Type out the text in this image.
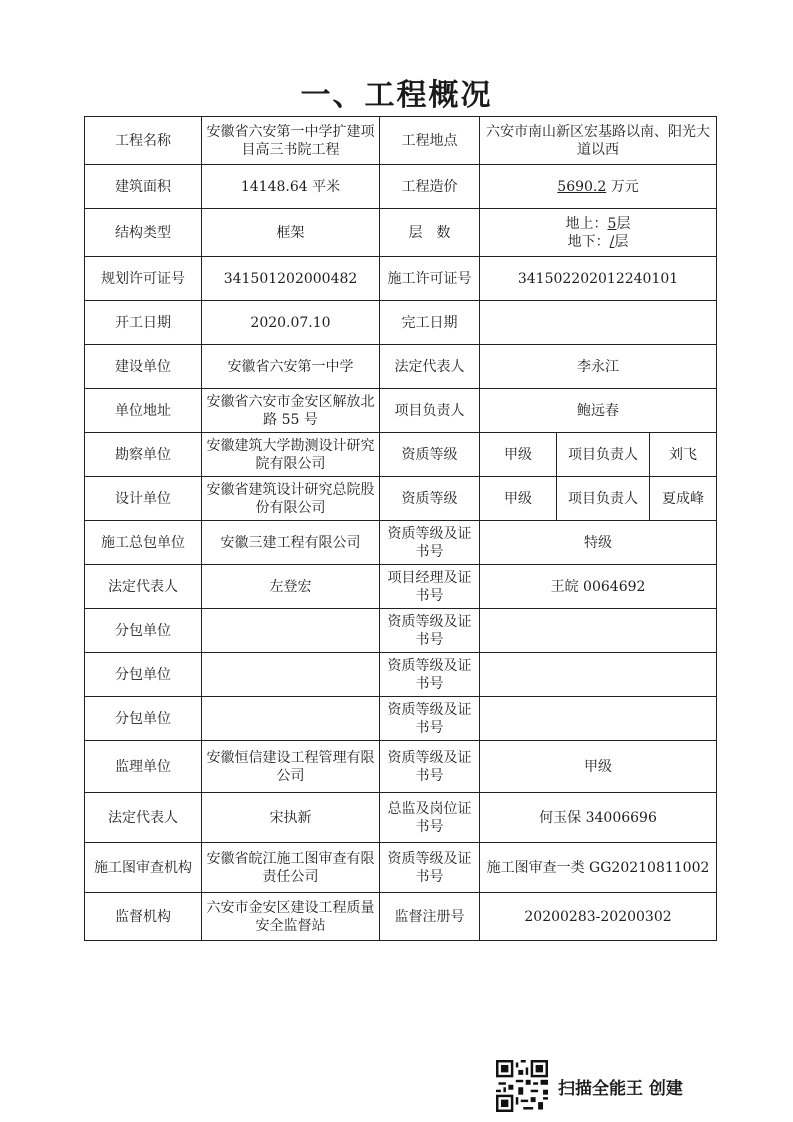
一、工程概况
工程名称	安徽省六安第一中学扩建项目高三书院工程	工程地点	六安市南山新区宏基路以南、阳光大道以西		
建筑面积	14148.64 平米	工程造价	5690.2 万元		
结构类型	框架	层　数	地上：5层
地下：/层		

规划许可证号	341501202000482	施工许可证号	341502202012240101		
开工日期	2020.07.10	完工日期			
建设单位	安徽省六安第一中学	法定代表人	李永江		
单位地址	安徽省六安市金安区解放北路 55 号	项目负责人	鲍远春		
勘察单位	安徽建筑大学勘测设计研究院有限公司	资质等级	甲级	项目负责人	刘飞
设计单位	安徽省建筑设计研究总院股份有限公司	资质等级	甲级	项目负责人	夏成峰
施工总包单位	安徽三建工程有限公司	资质等级及证书号	特级		
法定代表人	左登宏	项目经理及证书号	王皖 0064692		
分包单位		资质等级及证书号			
分包单位		资质等级及证书号			
分包单位		资质等级及证书号			
监理单位	安徽恒信建设工程管理有限公司	资质等级及证书号	甲级		
法定代表人	宋执新	总监及岗位证书号	何玉保 34006696		
施工图审查机构	安徽省皖江施工图审查有限责任公司	资质等级及证书号	施工图审查一类 GG20210811002		
监督机构	六安市金安区建设工程质量安全监督站	监督注册号	20200283-20200302		
扫描全能王 创建
